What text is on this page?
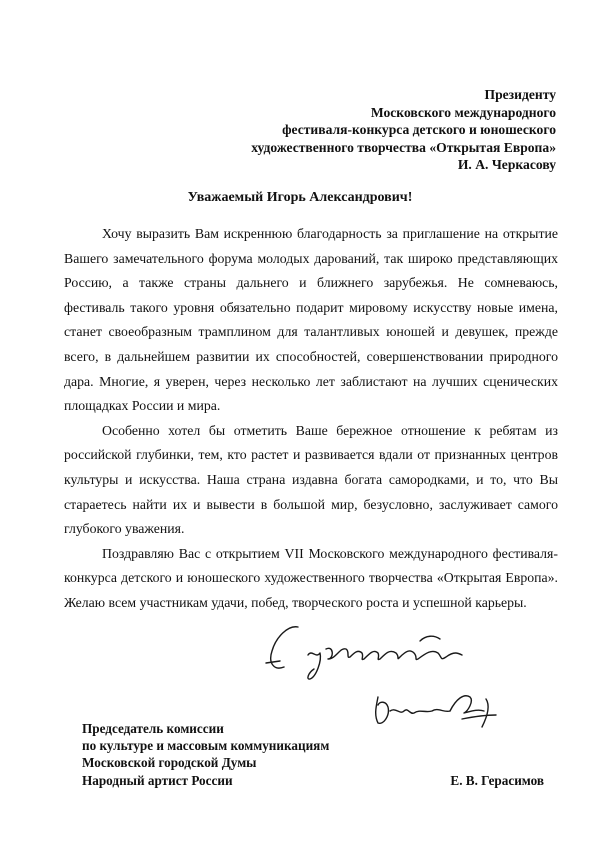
Президенту
Московского международного
фестиваля-конкурса детского и юношеского
художественного творчества «Открытая Европа»
И. А. Черкасову
Уважаемый Игорь Александрович!

Хочу выразить Вам искреннюю благодарность за приглашение на открытие Вашего замечательного форума молодых дарований, так широко представляющих Россию, а также страны дальнего и ближнего зарубежья. Не сомневаюсь, фестиваль такого уровня обязательно подарит мировому искусству новые имена, станет своеобразным трамплином для талантливых юношей и девушек, прежде всего, в дальнейшем развитии их способностей, совершенствовании природного дара. Многие, я уверен, через несколько лет заблистают на лучших сценических площадках России и мира.

Особенно хотел бы отметить Ваше бережное отношение к ребятам из российской глубинки, тем, кто растет и развивается вдали от признанных центров культуры и искусства. Наша страна издавна богата самородками, и то, что Вы стараетесь найти их и вывести в большой мир, безусловно, заслуживает самого глубокого уважения.

Поздравляю Вас с открытием VII Московского международного фестиваля-конкурса детского и юношеского художественного творчества «Открытая Европа». Желаю всем участникам удачи, побед, творческого роста и успешной карьеры.

Председатель комиссии
по культуре и массовым коммуникациям
Московской городской Думы
Народный артист России	Е. В. Герасимов
